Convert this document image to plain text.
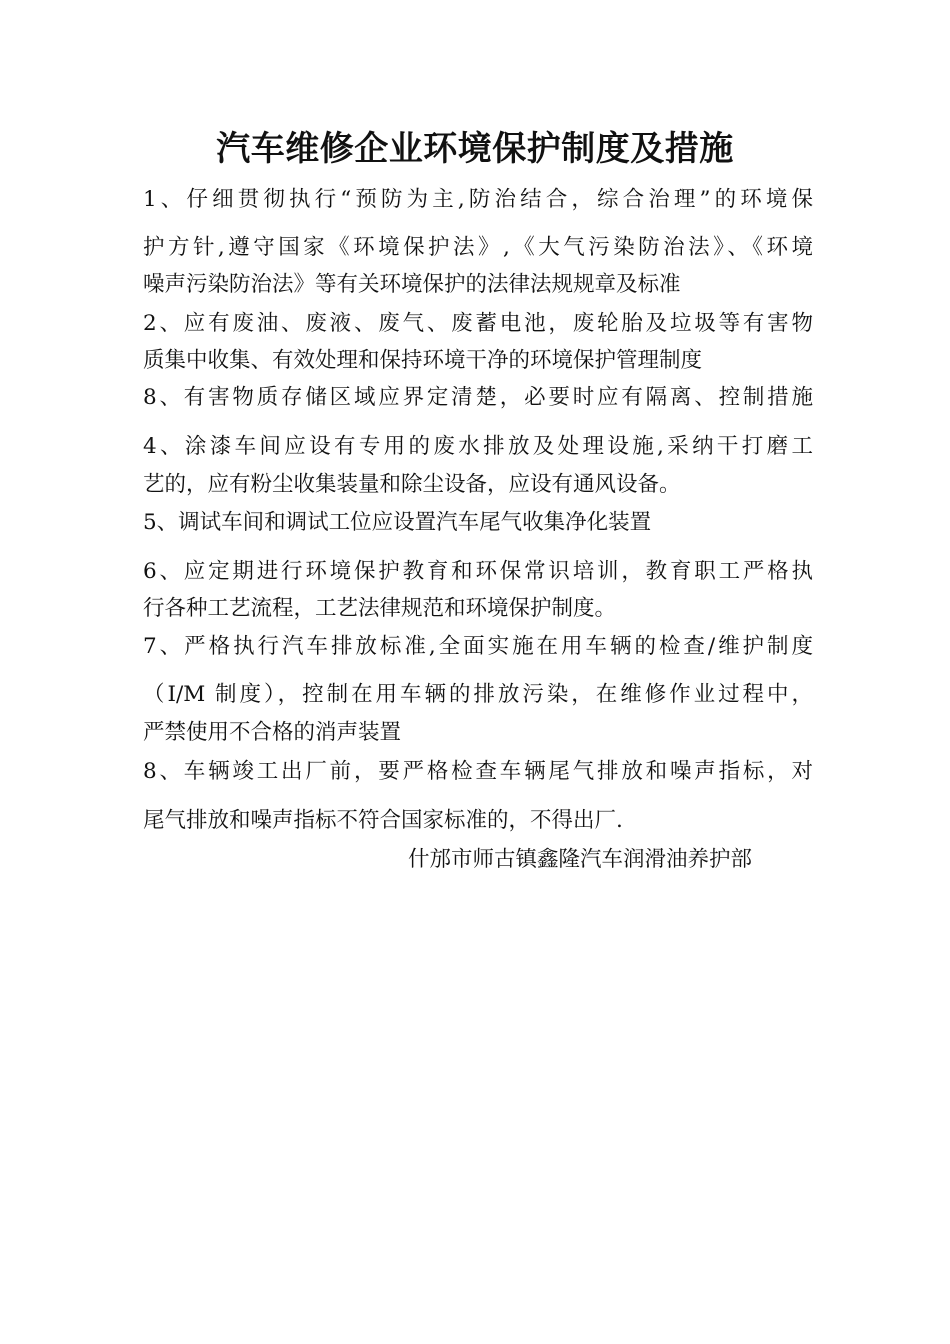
汽车维修企业环境保护制度及措施
1、仔细贯彻执行“预防为主,防治结合，综合治理”的环境保
护方针,遵守国家《环境保护法》,《大气污染防治法》、《环境
噪声污染防治法》等有关环境保护的法律法规规章及标准
2、应有废油、废液、废气、废蓄电池，废轮胎及垃圾等有害物
质集中收集、有效处理和保持环境干净的环境保护管理制度
8、有害物质存储区域应界定清楚，必要时应有隔离、控制措施
4、涂漆车间应设有专用的废水排放及处理设施,采纳干打磨工
艺的，应有粉尘收集装量和除尘设备，应设有通风设备。
5、调试车间和调试工位应设置汽车尾气收集净化装置
6、应定期进行环境保护教育和环保常识培训，教育职工严格执
行各种工艺流程，工艺法律规范和环境保护制度。
7、严格执行汽车排放标准,全面实施在用车辆的检查/维护制度
（I/M 制度），控制在用车辆的排放污染，在维修作业过程中，
严禁使用不合格的消声装置
8、车辆竣工出厂前，要严格检查车辆尾气排放和噪声指标，对
尾气排放和噪声指标不符合国家标准的，不得出厂.
什邡市师古镇鑫隆汽车润滑油养护部
